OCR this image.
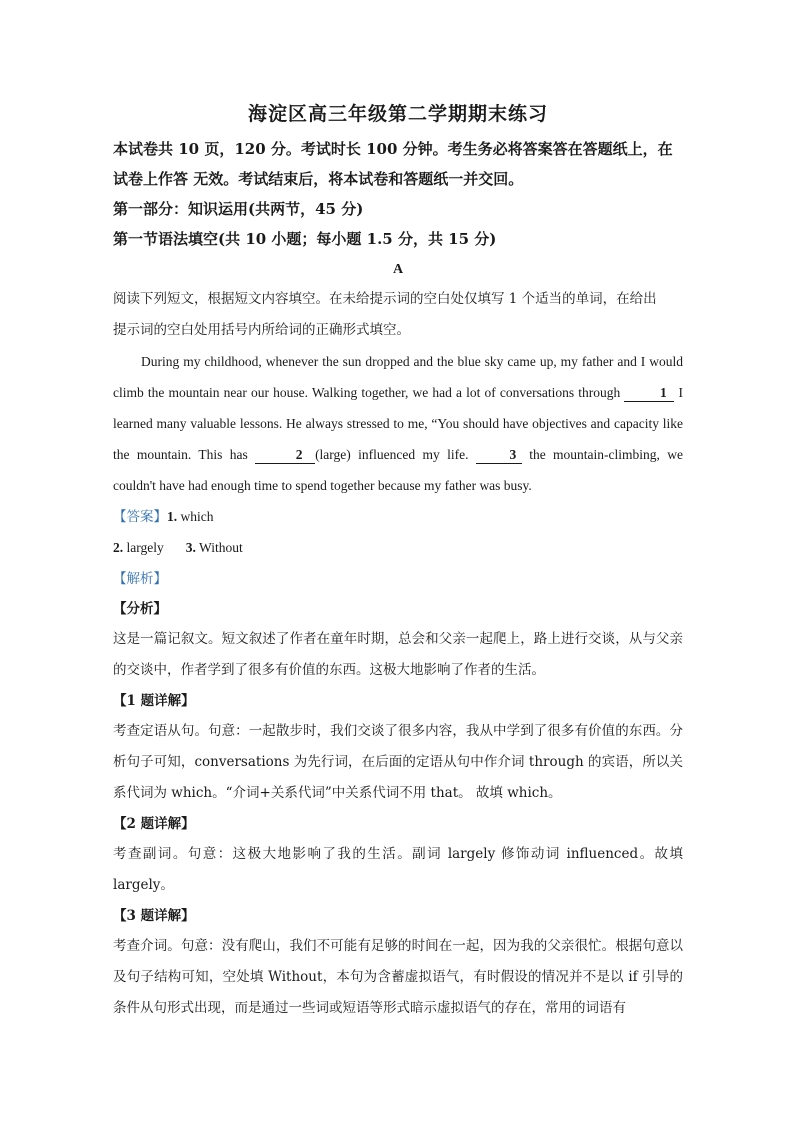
海淀区高三年级第二学期期末练习

本试卷共 10 页，120 分。考试时长 100 分钟。考生务必将答案答在答题纸上，在

试卷上作答 无效。考试结束后，将本试卷和答题纸一并交回。

第一部分：知识运用(共两节，45 分)

第一节语法填空(共 10 小题；每小题 1.5 分，共 15 分)

A

阅读下列短文，根据短文内容填空。在未给提示词的空白处仅填写 1 个适当的单词，在给出

提示词的空白处用括号内所给词的正确形式填空。

During my childhood, whenever the sun dropped and the blue sky came up, my father and I would climb the mountain near our house. Walking together, we had a lot of conversations through	1 I learned many valuable lessons. He always stressed to me, “You should have objectives and capacity like the mountain. This has	2 (large) influenced my life. 3 the mountain-climbing, we couldn't have had enough time to spend together because my father was busy.

【答案】1. which

2. largely 3. Without

【解析】

【分析】

这是一篇记叙文。短文叙述了作者在童年时期，总会和父亲一起爬上，路上进行交谈，从与父亲的交谈中，作者学到了很多有价值的东西。这极大地影响了作者的生活。

【1 题详解】

考查定语从句。句意：一起散步时，我们交谈了很多内容，我从中学到了很多有价值的东西。分析句子可知，conversations 为先行词，在后面的定语从句中作介词 through 的宾语，所以关系代词为 which。“介词+关系代词”中关系代词不用 that。 故填 which。

【2 题详解】

考查副词。句意：这极大地影响了我的生活。副词 largely 修饰动词 influenced。故填 largely。

【3 题详解】

考查介词。句意：没有爬山，我们不可能有足够的时间在一起，因为我的父亲很忙。根据句意以及句子结构可知，空处填 Without，本句为含蓄虚拟语气，有时假设的情况并不是以 if 引导的条件从句形式出现，而是通过一些词或短语等形式暗示虚拟语气的存在，常用的词语有
